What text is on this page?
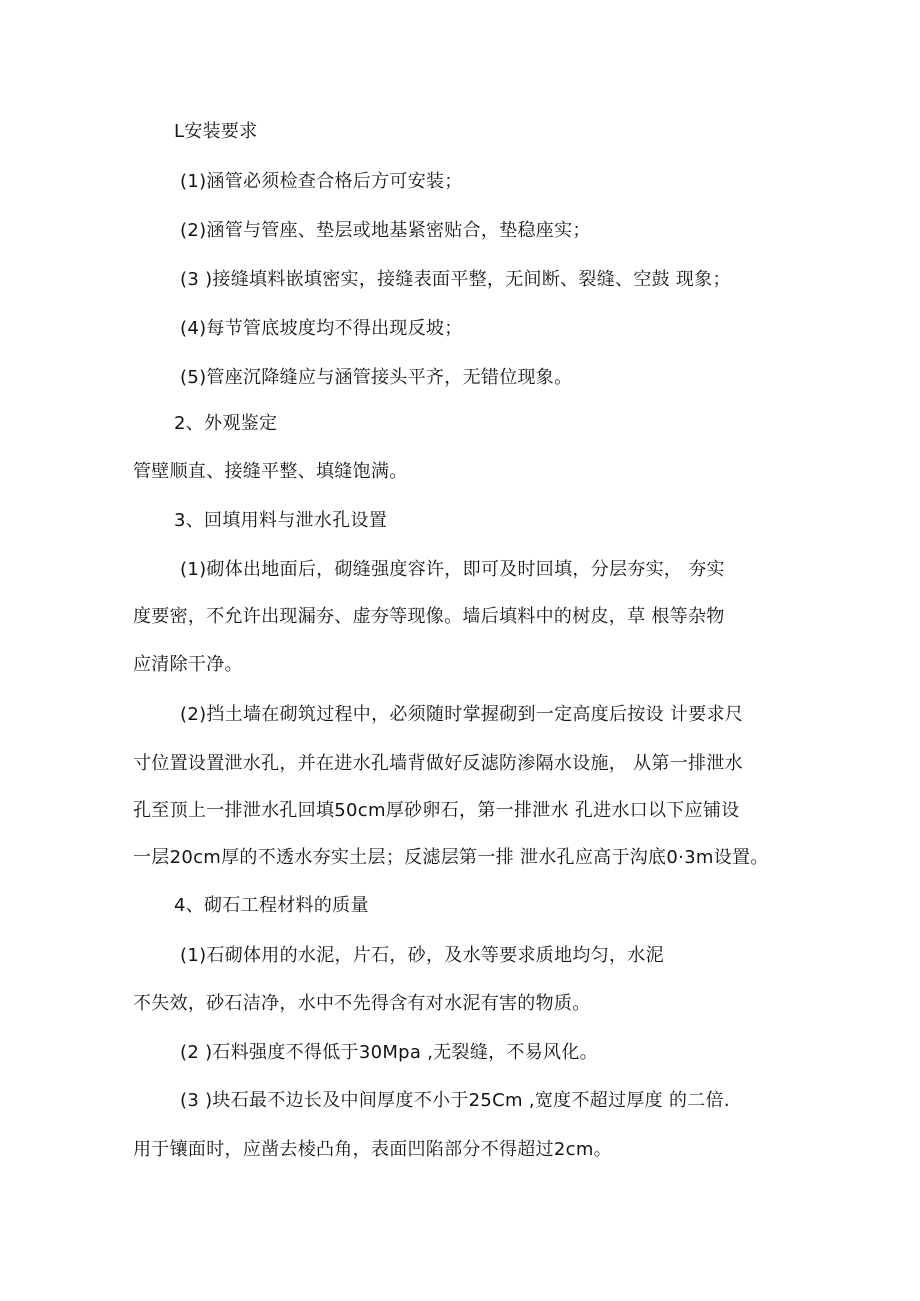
L安装要求

(1)涵管必须检查合格后方可安装；

(2)涵管与管座、垫层或地基紧密贴合，垫稳座实；

(3 )接缝填料嵌填密实，接缝表面平整，无间断、裂缝、空鼓 现象；

(4)每节管底坡度均不得出现反坡；

(5)管座沉降缝应与涵管接头平齐，无错位现象。

2、外观鉴定

管壁顺直、接缝平整、填缝饱满。

3、回填用料与泄水孔设置

(1)砌体出地面后，砌缝强度容许，即可及时回填，分层夯实， 夯实

度要密，不允许出现漏夯、虚夯等现像。墙后填料中的树皮，草 根等杂物

应清除干净。

(2)挡土墙在砌筑过程中，必须随时掌握砌到一定高度后按设 计要求尺

寸位置设置泄水孔，并在进水孔墙背做好反滤防渗隔水设施， 从第一排泄水

孔至顶上一排泄水孔回填50cm厚砂卵石，第一排泄水 孔进水口以下应铺设

一层20cm厚的不透水夯实土层；反滤层第一排 泄水孔应高于沟底0·3m设置。

4、砌石工程材料的质量

(1)石砌体用的水泥，片石，砂，及水等要求质地均匀，水泥

不失效，砂石洁净，水中不先得含有对水泥有害的物质。

(2 )石料强度不得低于30Mpa ,无裂缝，不易风化。

(3 )块石最不边长及中间厚度不小于25Cm ,宽度不超过厚度 的二倍.

用于镶面时，应凿去棱凸角，表面凹陷部分不得超过2cm。
